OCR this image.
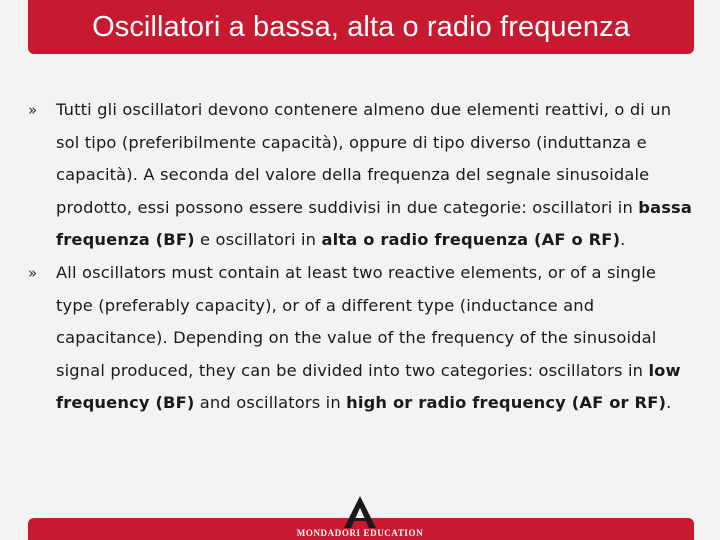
Oscillatori a bassa, alta o radio frequenza
» Tutti gli oscillatori devono contenere almeno due elementi reattivi, o di un sol tipo (preferibilmente capacità), oppure di tipo diverso (induttanza e capacità). A seconda del valore della frequenza del segnale sinusoidale prodotto, essi possono essere suddivisi in due categorie: oscillatori in bassa frequenza (BF) e oscillatori in alta o radio frequenza (AF o RF).
» All oscillators must contain at least two reactive elements, or of a single type (preferably capacity), or of a different type (inductance and capacitance). Depending on the value of the frequency of the sinusoidal signal produced, they can be divided into two categories: oscillators in low frequency (BF) and oscillators in high or radio frequency (AF or RF).
MONDADORI EDUCATION
